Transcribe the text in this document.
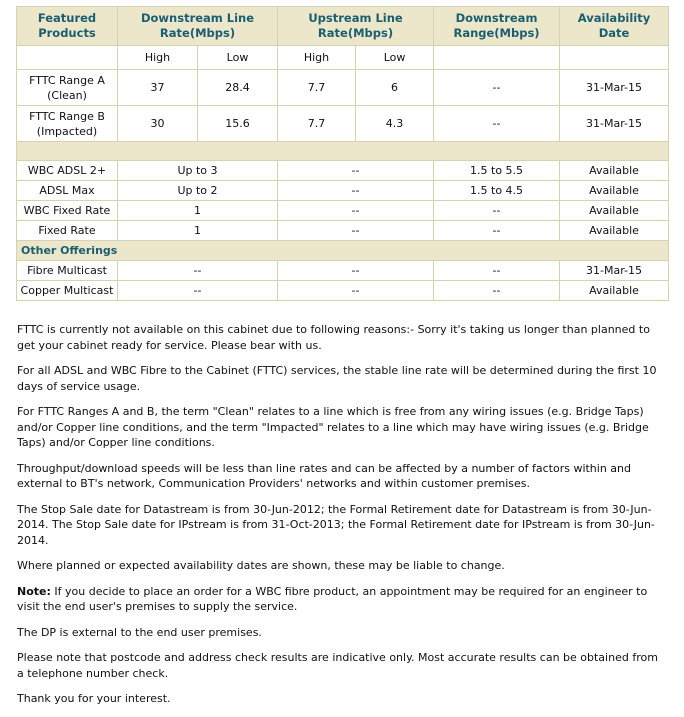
Featured Products	Downstream Line Rate(Mbps)		Upstream Line Rate(Mbps)		Downstream Range(Mbps)	Availability Date
	High	Low	High	Low		
FTTC Range A (Clean)	37	28.4	7.7	6	--	31-Mar-15
FTTC Range B (Impacted)	30	15.6	7.7	4.3	--	31-Mar-15

WBC ADSL 2+	Up to 3		--		1.5 to 5.5	Available
ADSL Max	Up to 2		--		1.5 to 4.5	Available
WBC Fixed Rate	1		--		--	Available
Fixed Rate	1		--		--	Available
Other Offerings						
Fibre Multicast	--		--		--	31-Mar-15
Copper Multicast	--		--		--	Available

FTTC is currently not available on this cabinet due to following reasons:- Sorry it's taking us longer than planned to get your cabinet ready for service. Please bear with us.

For all ADSL and WBC Fibre to the Cabinet (FTTC) services, the stable line rate will be determined during the first 10 days of service usage.

For FTTC Ranges A and B, the term "Clean" relates to a line which is free from any wiring issues (e.g. Bridge Taps) and/or Copper line conditions, and the term "Impacted" relates to a line which may have wiring issues (e.g. Bridge Taps) and/or Copper line conditions.

Throughput/download speeds will be less than line rates and can be affected by a number of factors within and external to BT's network, Communication Providers' networks and within customer premises.

The Stop Sale date for Datastream is from 30-Jun-2012; the Formal Retirement date for Datastream is from 30-Jun-2014. The Stop Sale date for IPstream is from 31-Oct-2013; the Formal Retirement date for IPstream is from 30-Jun-2014.

Where planned or expected availability dates are shown, these may be liable to change.

Note: If you decide to place an order for a WBC fibre product, an appointment may be required for an engineer to visit the end user's premises to supply the service.

The DP is external to the end user premises.

Please note that postcode and address check results are indicative only. Most accurate results can be obtained from a telephone number check.

Thank you for your interest.
